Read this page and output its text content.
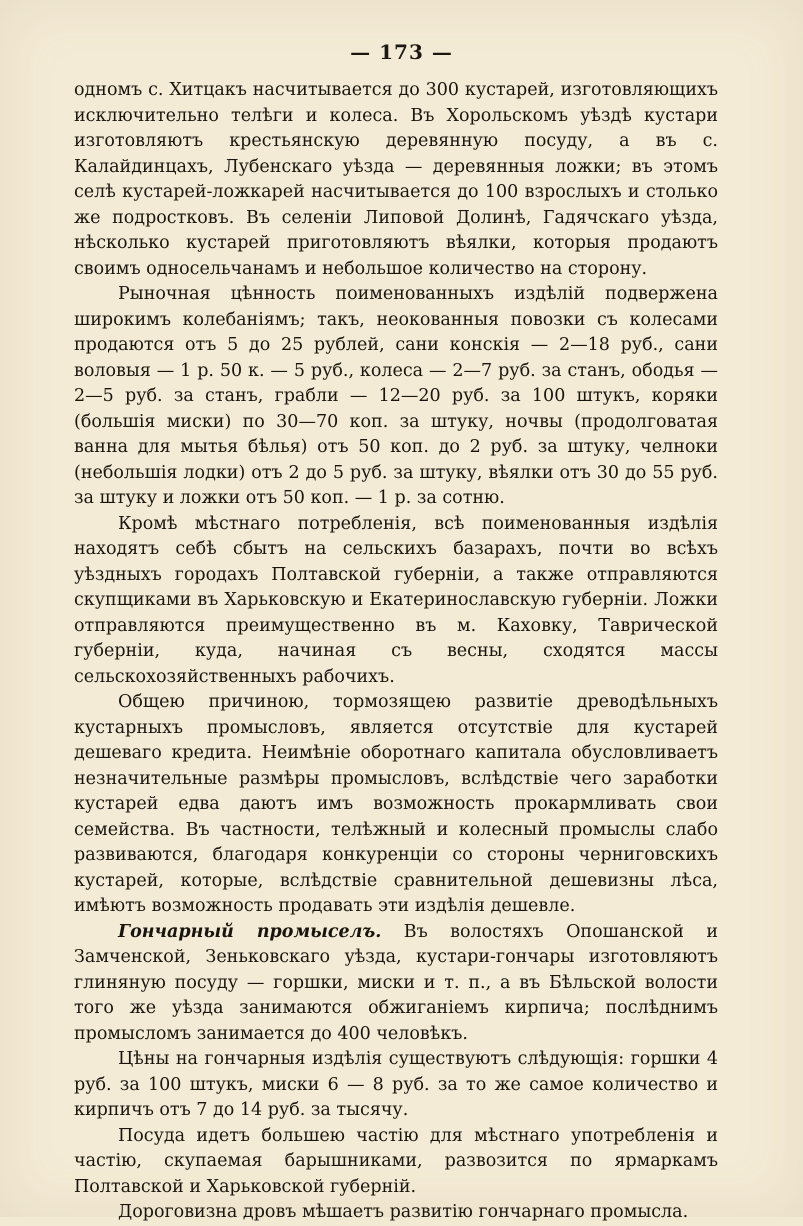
— 173 —

одномъ с. Хитцакъ насчитывается до 300 кустарей, изготовляющихъ исключительно телѣги и колеса. Въ Хорольскомъ уѣздѣ кустари изготовляютъ крестьянскую деревянную посуду, а въ с. Калайдинцахъ, Лубенскаго уѣзда — деревянныя ложки; въ этомъ селѣ кустарей-ложкарей насчитывается до 100 взрослыхъ и столько же подростковъ. Въ селеніи Липовой Долинѣ, Гадячскаго уѣзда, нѣсколько кустарей приготовляютъ вѣялки, которыя продаютъ своимъ односельчанамъ и небольшое количество на сторону.

Рыночная цѣнность поименованныхъ издѣлій подвержена широкимъ колебаніямъ; такъ, неокованныя повозки съ колесами продаются отъ 5 до 25 рублей, сани конскія — 2—18 руб., сани воловыя — 1 р. 50 к. — 5 руб., колеса — 2—7 руб. за станъ, ободья — 2—5 руб. за станъ, грабли — 12—20 руб. за 100 штукъ, коряки (большія миски) по 30—70 коп. за штуку, ночвы (продолговатая ванна для мытья бѣлья) отъ 50 коп. до 2 руб. за штуку, челноки (небольшія лодки) отъ 2 до 5 руб. за штуку, вѣялки отъ 30 до 55 руб. за штуку и ложки отъ 50 коп. — 1 р. за сотню.

Кромѣ мѣстнаго потребленія, всѣ поименованныя издѣлія находятъ себѣ сбытъ на сельскихъ базарахъ, почти во всѣхъ уѣздныхъ городахъ Полтавской губерніи, а также отправляются скупщиками въ Харьковскую и Екатеринославскую губерніи. Ложки отправляются преимущественно въ м. Каховку, Таврической губерніи, куда, начиная съ весны, сходятся массы сельскохозяйственныхъ рабочихъ.

Общею причиною, тормозящею развитіе древодѣльныхъ кустарныхъ промысловъ, является отсутствіе для кустарей дешеваго кредита. Неимѣніе оборотнаго капитала обусловливаетъ незначительные размѣры промысловъ, вслѣдствіе чего заработки кустарей едва даютъ имъ возможность прокармливать свои семейства. Въ частности, телѣжный и колесный промыслы слабо развиваются, благодаря конкуренціи со стороны черниговскихъ кустарей, которые, вслѣдствіе сравнительной дешевизны лѣса, имѣютъ возможность продавать эти издѣлія дешевле.

Гончарный промыселъ. Въ волостяхъ Опошанской и Замченской, Зеньковскаго уѣзда, кустари-гончары изготовляютъ глиняную посуду — горшки, миски и т. п., а въ Бѣльской волости того же уѣзда занимаются обжиганіемъ кирпича; послѣднимъ промысломъ занимается до 400 человѣкъ.

Цѣны на гончарныя издѣлія существуютъ слѣдующія: горшки 4 руб. за 100 штукъ, миски 6 — 8 руб. за то же самое количество и кирпичъ отъ 7 до 14 руб. за тысячу.

Посуда идетъ большею частію для мѣстнаго употребленія и частію, скупаемая барышниками, развозится по ярмаркамъ Полтавской и Харьковской губерній.

Дороговизна дровъ мѣшаетъ развитію гончарнаго промысла.
